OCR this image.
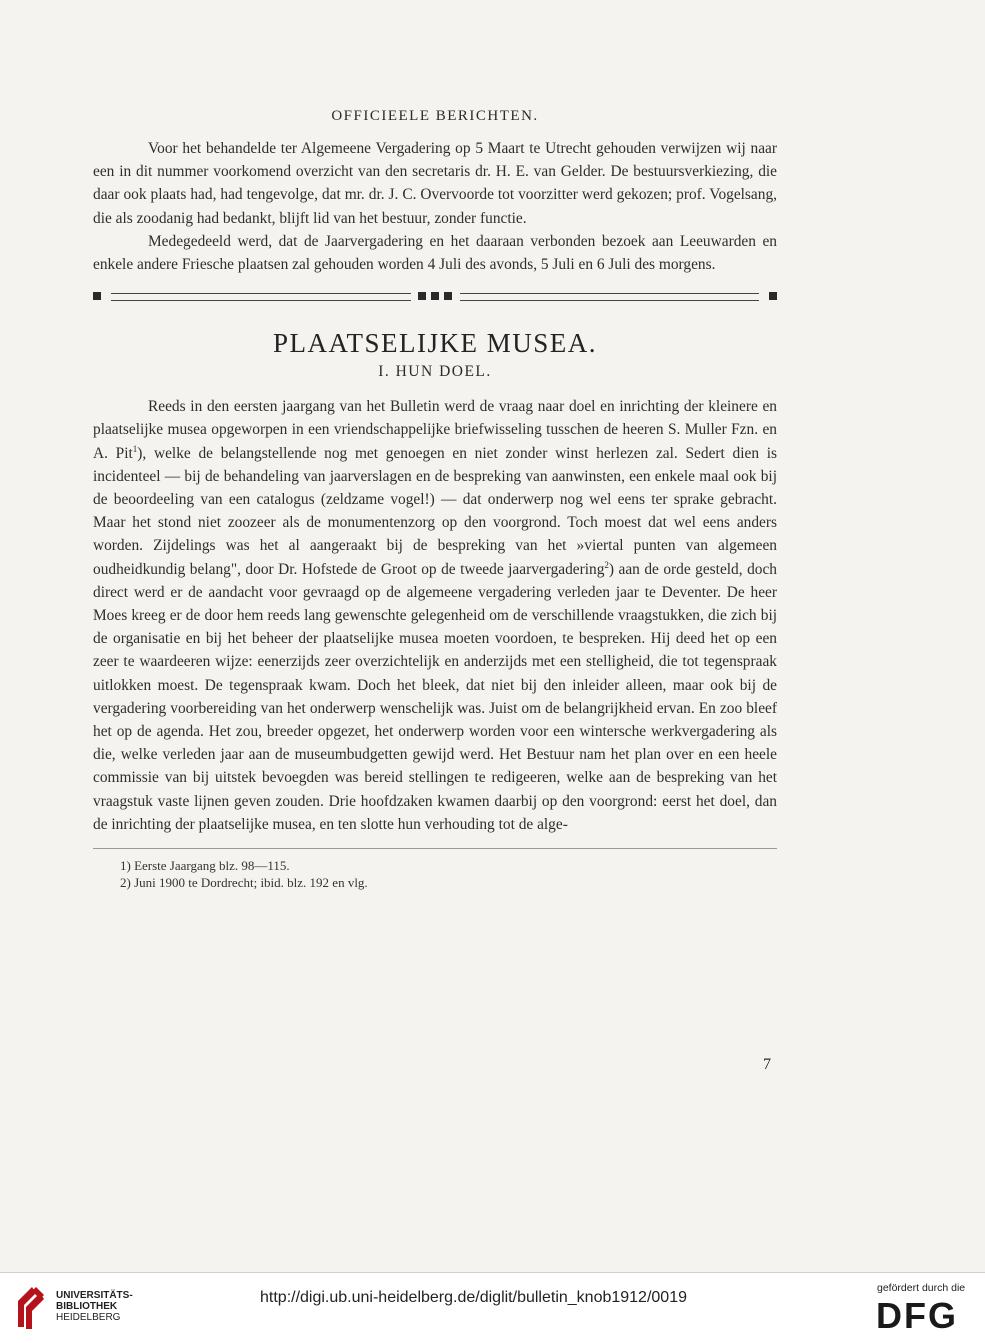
OFFICIEELE BERICHTEN.

Voor het behandelde ter Algemeene Vergadering op 5 Maart te Utrecht gehouden verwijzen wij naar een in dit nummer voorkomend overzicht van den secretaris dr. H. E. van Gelder. De bestuursverkiezing, die daar ook plaats had, had tengevolge, dat mr. dr. J. C. Overvoorde tot voorzitter werd gekozen; prof. Vogelsang, die als zoodanig had bedankt, blijft lid van het bestuur, zonder functie.

Medegedeeld werd, dat de Jaarvergadering en het daaraan verbonden bezoek aan Leeuwarden en enkele andere Friesche plaatsen zal gehouden worden 4 Juli des avonds, 5 Juli en 6 Juli des morgens.

PLAATSELIJKE MUSEA.
I. HUN DOEL.

Reeds in den eersten jaargang van het Bulletin werd de vraag naar doel en inrichting der kleinere en plaatselijke musea opgeworpen in een vriendschappelijke briefwisseling tusschen de heeren S. Muller Fzn. en A. Pit$^1$), welke de belangstellende nog met genoegen en niet zonder winst herlezen zal. Sedert dien is incidenteel — bij de behandeling van jaarverslagen en de bespreking van aanwinsten, een enkele maal ook bij de beoordeeling van een catalogus (zeldzame vogel!) — dat onderwerp nog wel eens ter sprake gebracht. Maar het stond niet zoozeer als de monumentenzorg op den voorgrond. Toch moest dat wel eens anders worden. Zijdelings was het al aangeraakt bij de bespreking van het »viertal punten van algemeen oudheidkundig belang", door Dr. Hofstede de Groot op de tweede jaarvergadering$^2$) aan de orde gesteld, doch direct werd er de aandacht voor gevraagd op de algemeene vergadering verleden jaar te Deventer. De heer Moes kreeg er de door hem reeds lang gewenschte gelegenheid om de verschillende vraagstukken, die zich bij de organisatie en bij het beheer der plaatselijke musea moeten voordoen, te bespreken. Hij deed het op een zeer te waardeeren wijze: eenerzijds zeer overzichtelijk en anderzijds met een stelligheid, die tot tegenspraak uitlokken moest. De tegenspraak kwam. Doch het bleek, dat niet bij den inleider alleen, maar ook bij de vergadering voorbereiding van het onderwerp wenschelijk was. Juist om de belangrijkheid ervan. En zoo bleef het op de agenda. Het zou, breeder opgezet, het onderwerp worden voor een wintersche werkvergadering als die, welke verleden jaar aan de museumbudgetten gewijd werd. Het Bestuur nam het plan over en een heele commissie van bij uitstek bevoegden was bereid stellingen te redigeeren, welke aan de bespreking van het vraagstuk vaste lijnen geven zouden. Drie hoofdzaken kwamen daarbij op den voorgrond: eerst het doel, dan de inrichting der plaatselijke musea, en ten slotte hun verhouding tot de alge-

1) Eerste Jaargang blz. 98—115.
2) Juni 1900 te Dordrecht; ibid. blz. 192 en vlg.
7
UNIVERSITÄTS-
BIBLIOTHEK
HEIDELBERG
http://digi.ub.uni-heidelberg.de/diglit/bulletin_knob1912/0019
gefördert durch die
DFG
